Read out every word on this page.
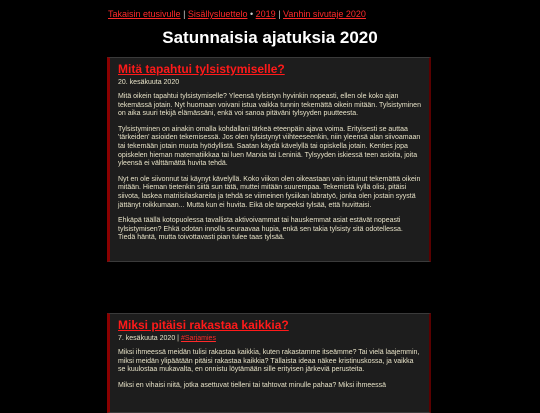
Takaisin etusivulle | Sisällysluettelo • 2019 | Vanhin sivutaje 2020
Satunnaisia ajatuksia 2020
Mitä tapahtui tylsistymiselle?
20. kesäkuuta 2020

Mitä oikein tapahtui tylsistymiselle? Yleensä tylsistyn hyvinkin nopeasti, ellen ole koko ajan tekemässä jotain. Nyt huomaan voivani istua vaikka tunnin tekemättä oikein mitään. Tylsistyminen on aika suuri tekijä elämässäni, enkä voi sanoa pitäväni tylsyyden puutteesta.

Tylsistyminen on ainakin omalla kohdallani tärkeä eteenpäin ajava voima. Erityisesti se auttaa 'tärkeiden' asioiden tekemisessä. Jos olen tylsistynyt viihteeseenkin, niin yleensä alan siivoamaan tai tekemään jotain muuta hyödyllistä. Saatan käydä kävelyllä tai opiskella jotain. Kenties jopa opiskelen hieman matematiikkaa tai luen Marxia tai Leniniä. Tylsyyden iskiessä teen asioita, joita yleensä ei välttämättä huvita tehdä.

Nyt en ole siivonnut tai käynyt kävelyllä. Koko viikon olen oikeastaan vain istunut tekemättä oikein mitään. Hieman tietenkin siitä sun tätä, muttei mitään suurempaa. Tekemistä kyllä olisi, pitäisi siivota, laskea matriisilaskareita ja tehdä se viimeinen fysiikan labratyö, jonka olen jostain syystä jättänyt roikkumaan... Mutta kun ei huvita. Eikä ole tarpeeksi tylsää, että huvittaisi.

Ehkäpä täällä kotopuolessa tavallista aktivoivammat tai hauskemmat asiat estävät nopeasti tylsistymisen? Ehkä odotan innolla seuraavaa hupia, enkä sen takia tylsisty sitä odotellessa. Tiedä häntä, mutta toivottavasti pian tulee taas tylsää.

Miksi pitäisi rakastaa kaikkia?
7. kesäkuuta 2020 | #Sarjamies

Miksi ihmeessä meidän tulisi rakastaa kaikkia, kuten rakastamme itseämme? Tai vielä laajemmin, miksi meidän ylipäätään pitäisi rakastaa kaikkia? Tällaista ideaa näkee kristinuskossa, ja vaikka se kuulostaa mukavalta, en onnistu löytämään sille erityisen järkeviä perusteita.

Miksi en vihaisi niitä, jotka asettuvat tielleni tai tahtovat minulle pahaa? Miksi ihmeessä
